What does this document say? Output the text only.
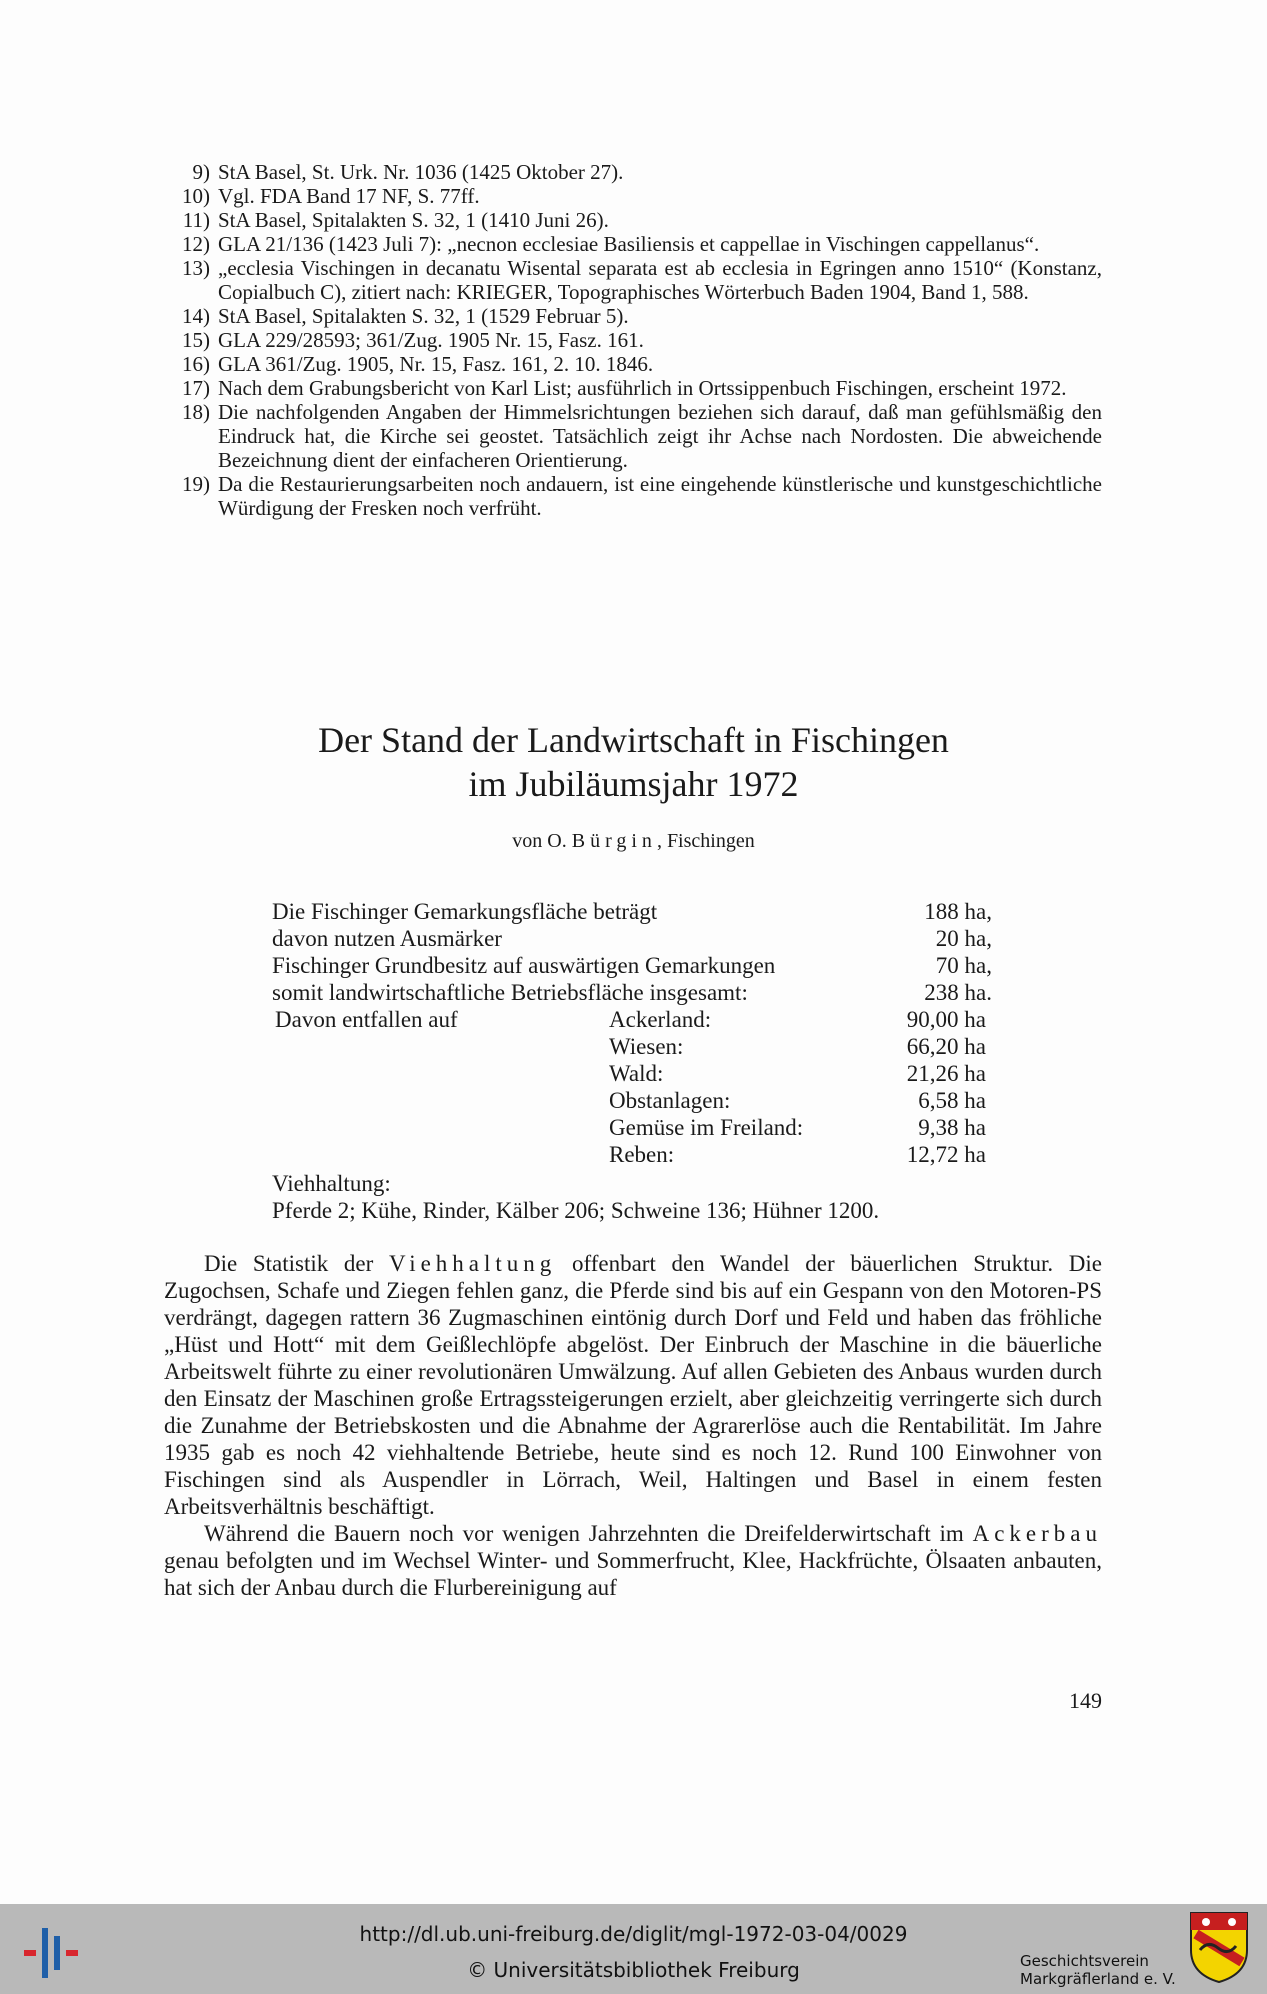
9) StA Basel, St. Urk. Nr. 1036 (1425 Oktober 27).
10) Vgl. FDA Band 17 NF, S. 77ff.
11) StA Basel, Spitalakten S. 32, 1 (1410 Juni 26).
12) GLA 21/136 (1423 Juli 7): „necnon ecclesiae Basiliensis et cappellae in Vischingen cappellanus“.
13) „ecclesia Vischingen in decanatu Wisental separata est ab ecclesia in Egringen anno 1510“ (Konstanz, Copialbuch C), zitiert nach: KRIEGER, Topographisches Wörterbuch Baden 1904, Band 1, 588.
14) StA Basel, Spitalakten S. 32, 1 (1529 Februar 5).
15) GLA 229/28593; 361/Zug. 1905 Nr. 15, Fasz. 161.
16) GLA 361/Zug. 1905, Nr. 15, Fasz. 161, 2. 10. 1846.
17) Nach dem Grabungsbericht von Karl List; ausführlich in Ortssippenbuch Fischingen, erscheint 1972.
18) Die nachfolgenden Angaben der Himmelsrichtungen beziehen sich darauf, daß man gefühlsmäßig den Eindruck hat, die Kirche sei geostet. Tatsächlich zeigt ihr Achse nach Nordosten. Die abweichende Bezeichnung dient der einfacheren Orientierung.
19) Da die Restaurierungsarbeiten noch andauern, ist eine eingehende künstlerische und kunstgeschichtliche Würdigung der Fresken noch verfrüht.
Der Stand der Landwirtschaft in Fischingen
im Jubiläumsjahr 1972
von O. Bürgin, Fischingen
Die Fischinger Gemarkungsfläche beträgt	188 ha,
davon nutzen Ausmärker	20 ha,
Fischinger Grundbesitz auf auswärtigen Gemarkungen	70 ha,
somit landwirtschaftliche Betriebsfläche insgesamt:	238 ha.
Davon entfallen auf	Ackerland:	90,00 ha
Wiesen:	66,20 ha
Wald:	21,26 ha
Obstanlagen:	6,58 ha
Gemüse im Freiland:	9,38 ha
Reben:	12,72 ha
Viehhaltung:
Pferde 2; Kühe, Rinder, Kälber 206; Schweine 136; Hühner 1200.

Die Statistik der Viehhaltung offenbart den Wandel der bäuerlichen Struktur. Die Zugochsen, Schafe und Ziegen fehlen ganz, die Pferde sind bis auf ein Gespann von den Motoren-PS verdrängt, dagegen rattern 36 Zugmaschinen eintönig durch Dorf und Feld und haben das fröhliche „Hüst und Hott“ mit dem Geißlechlöpfe abgelöst. Der Einbruch der Maschine in die bäuerliche Arbeitswelt führte zu einer revolutionären Umwälzung. Auf allen Gebieten des Anbaus wurden durch den Einsatz der Maschinen große Ertragssteigerungen erzielt, aber gleichzeitig verringerte sich durch die Zunahme der Betriebskosten und die Abnahme der Agrarerlöse auch die Rentabilität. Im Jahre 1935 gab es noch 42 viehhaltende Betriebe, heute sind es noch 12. Rund 100 Einwohner von Fischingen sind als Auspendler in Lörrach, Weil, Haltingen und Basel in einem festen Arbeitsverhältnis beschäftigt.

Während die Bauern noch vor wenigen Jahrzehnten die Dreifelderwirtschaft im Ackerbau genau befolgten und im Wechsel Winter- und Sommerfrucht, Klee, Hackfrüchte, Ölsaaten anbauten, hat sich der Anbau durch die Flurbereinigung auf

149
http://dl.ub.uni-freiburg.de/diglit/mgl-1972-03-04/0029
© Universitätsbibliothek Freiburg	Geschichtsverein
Markgräflerland e. V.
